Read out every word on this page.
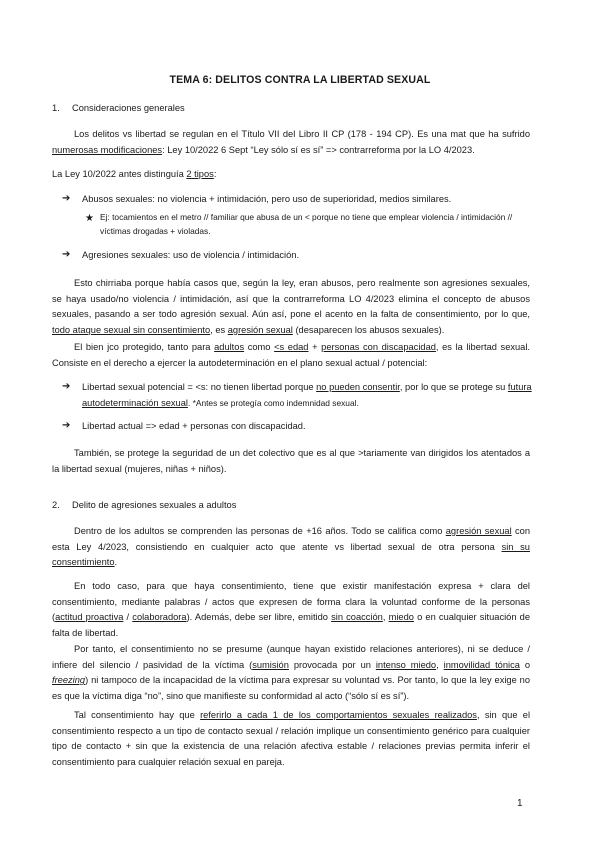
TEMA 6: DELITOS CONTRA LA LIBERTAD SEXUAL
1. Consideraciones generales
Los delitos vs libertad se regulan en el Título VII del Libro II CP (178 - 194 CP). Es una mat que ha sufrido numerosas modificaciones: Ley 10/2022 6 Sept “Ley sólo sí es sí” => contrarreforma por la LO 4/2023.
La Ley 10/2022 antes distinguía 2 tipos:
➔ Abusos sexuales: no violencia + intimidación, pero uso de superioridad, medios similares.
★ Ej: tocamientos en el metro // familiar que abusa de un < porque no tiene que emplear violencia / intimidación //
víctimas drogadas + violadas.
➔ Agresiones sexuales: uso de violencia / intimidación.
Esto chirriaba porque había casos que, según la ley, eran abusos, pero realmente son agresiones sexuales, se haya usado/no violencia / intimidación, así que la contrarreforma LO 4/2023 elimina el concepto de abusos sexuales, pasando a ser todo agresión sexual. Aún así, pone el acento en la falta de consentimiento, por lo que, todo ataque sexual sin consentimiento, es agresión sexual (desaparecen los abusos sexuales).
El bien jco protegido, tanto para adultos como <s edad + personas con discapacidad, es la libertad sexual. Consiste en el derecho a ejercer la autodeterminación en el plano sexual actual / potencial:
➔ Libertad sexual potencial = <s: no tienen libertad porque no pueden consentir, por lo que se protege su futura autodeterminación sexual. *Antes se protegía como indemnidad sexual.
➔ Libertad actual => edad + personas con discapacidad.
También, se protege la seguridad de un det colectivo que es al que >tariamente van dirigidos los atentados a la libertad sexual (mujeres, niñas + niños).
2. Delito de agresiones sexuales a adultos
Dentro de los adultos se comprenden las personas de +16 años. Todo se califica como agresión sexual con esta Ley 4/2023, consistiendo en cualquier acto que atente vs libertad sexual de otra persona sin su consentimiento.
En todo caso, para que haya consentimiento, tiene que existir manifestación expresa + clara del consentimiento, mediante palabras / actos que expresen de forma clara la voluntad conforme de la personas (actitud proactiva / colaboradora). Además, debe ser libre, emitido sin coacción, miedo o en cualquier situación de falta de libertad.
Por tanto, el consentimiento no se presume (aunque hayan existido relaciones anteriores), ni se deduce / infiere del silencio / pasividad de la víctima (sumisión provocada por un intenso miedo, inmovilidad tónica o freezing) ni tampoco de la incapacidad de la víctima para expresar su voluntad vs. Por tanto, lo que la ley exige no es que la víctima diga “no”, sino que manifieste su conformidad al acto (“sólo sí es sí”).
Tal consentimiento hay que referirlo a cada 1 de los comportamientos sexuales realizados, sin que el consentimiento respecto a un tipo de contacto sexual / relación implique un consentimiento genérico para cualquier tipo de contacto + sin que la existencia de una relación afectiva estable / relaciones previas permita inferir el consentimiento para cualquier relación sexual en pareja.
1
